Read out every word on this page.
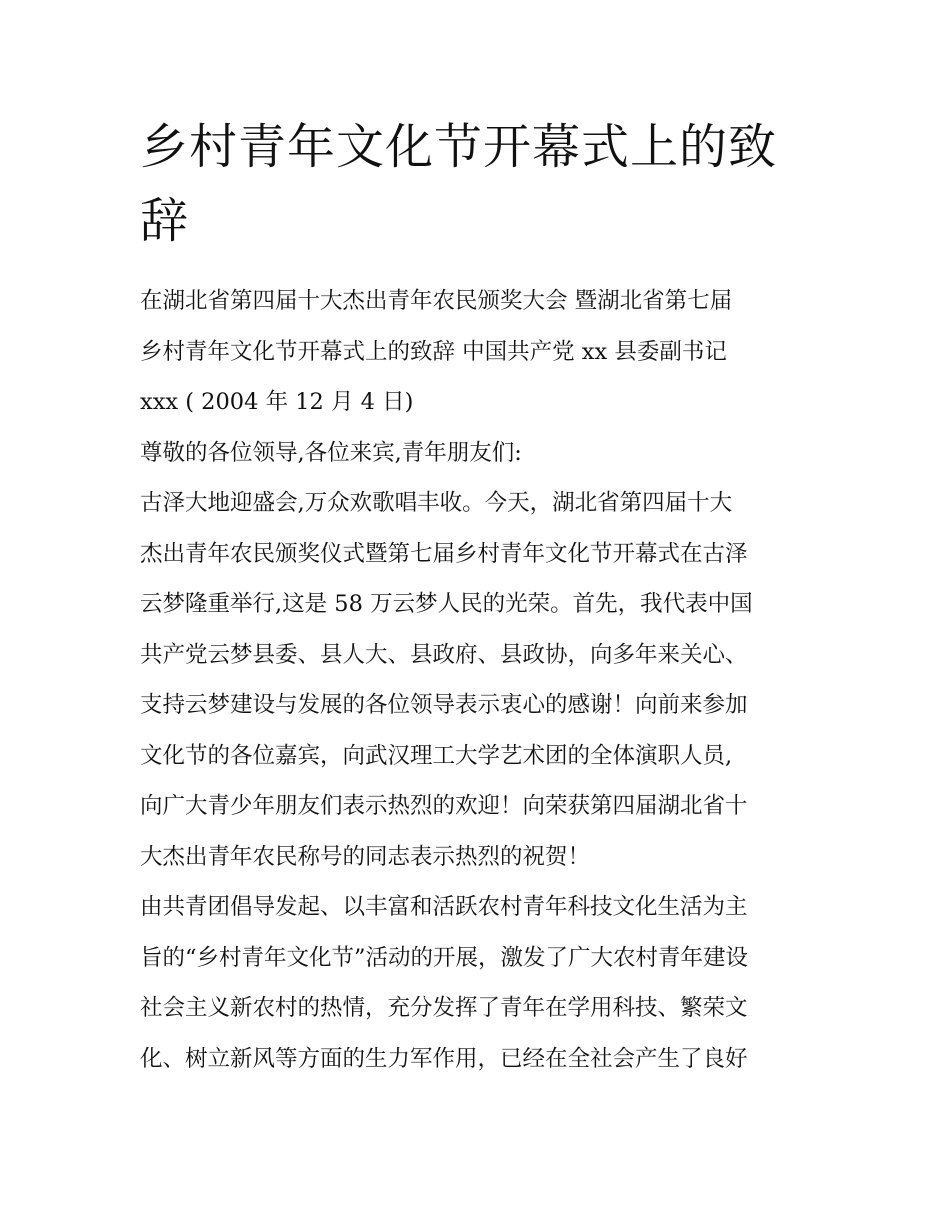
乡村青年文化节开幕式上的致
辞
在湖北省第四届十大杰出青年农民颁奖大会 暨湖北省第七届
乡村青年文化节开幕式上的致辞 中国共产党 xx 县委副书记
xxx ( 2004 年 12 月 4 日)
尊敬的各位领导,各位来宾,青年朋友们:
古泽大地迎盛会,万众欢歌唱丰收。今天，湖北省第四届十大
杰出青年农民颁奖仪式暨第七届乡村青年文化节开幕式在古泽
云梦隆重举行,这是 58 万云梦人民的光荣。首先，我代表中国
共产党云梦县委、县人大、县政府、县政协，向多年来关心、
支持云梦建设与发展的各位领导表示衷心的感谢！向前来参加
文化节的各位嘉宾，向武汉理工大学艺术团的全体演职人员,
向广大青少年朋友们表示热烈的欢迎！向荣获第四届湖北省十
大杰出青年农民称号的同志表示热烈的祝贺！
由共青团倡导发起、以丰富和活跃农村青年科技文化生活为主
旨的“乡村青年文化节”活动的开展，激发了广大农村青年建设
社会主义新农村的热情，充分发挥了青年在学用科技、繁荣文
化、树立新风等方面的生力军作用，已经在全社会产生了良好
